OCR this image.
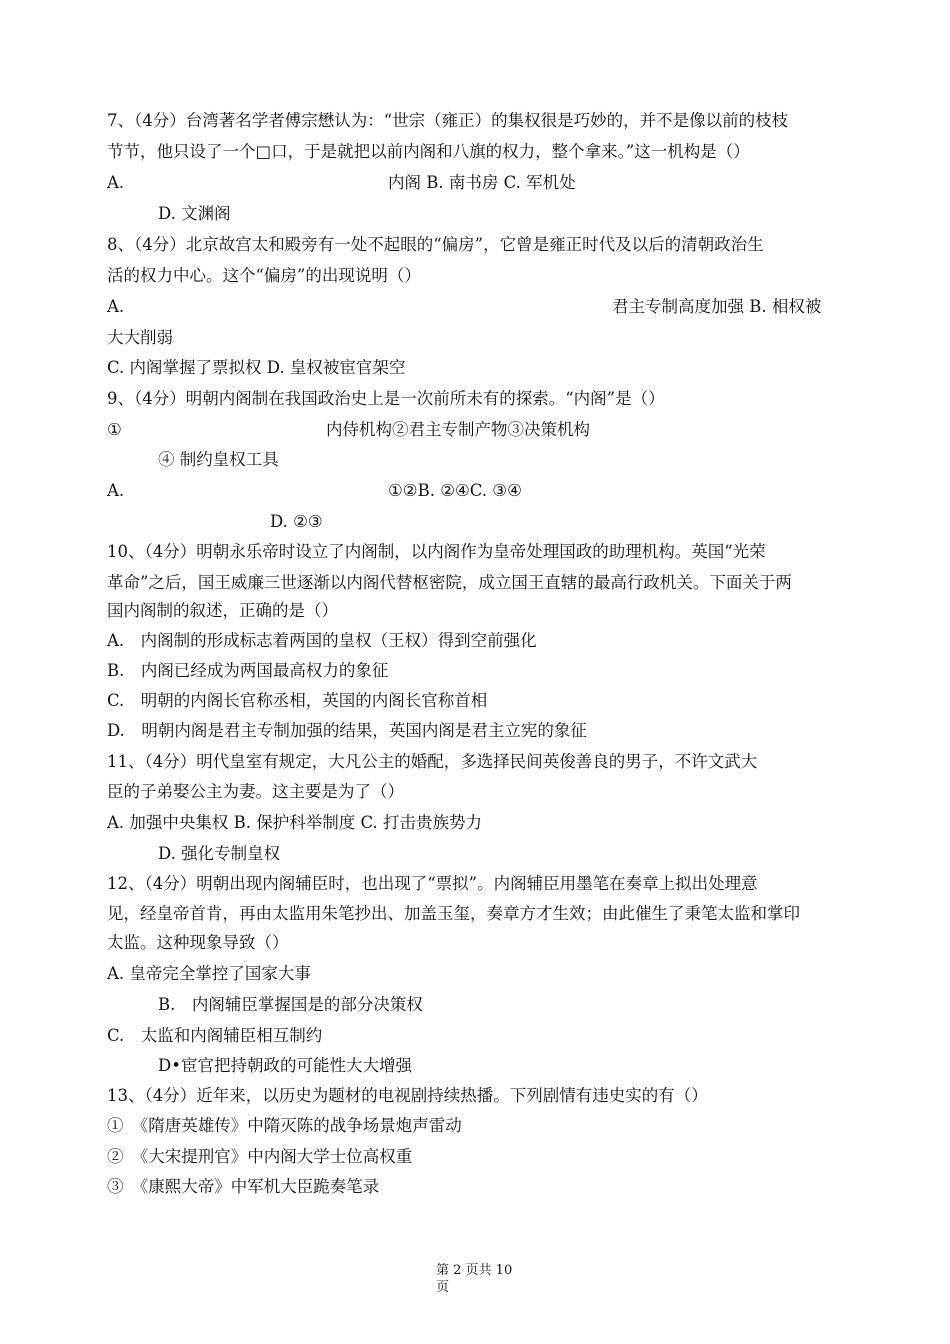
7、（4分）台湾著名学者傅宗懋认为：“世宗（雍正）的集权很是巧妙的，并不是像以前的枝枝
节节，他只设了一个□口，于是就把以前内阁和八旗的权力，整个拿来。”这一机构是（）
A.	内阁 B. 南书房 C. 军机处
D. 文渊阁
8、（4分）北京故宫太和殿旁有一处不起眼的“偏房”，它曾是雍正时代及以后的清朝政治生
活的权力中心。这个“偏房”的出现说明（）
A.	君主专制高度加强 B. 相权被
大大削弱
C. 内阁掌握了票拟权 D. 皇权被宦官架空
9、（4分）明朝内阁制在我国政治史上是一次前所未有的探索。“内阁”是（）
①	内侍机构②君主专制产物③决策机构
④ 制约皇权工具
A.	①②B. ②④C. ③④
D. ②③
10、（4分）明朝永乐帝时设立了内阁制，以内阁作为皇帝处理国政的助理机构。英国“光荣
革命”之后，国王威廉三世逐渐以内阁代替枢密院，成立国王直辖的最高行政机关。下面关于两
国内阁制的叙述，正确的是（）
A.　内阁制的形成标志着两国的皇权（王权）得到空前强化
B.　内阁已经成为两国最高权力的象征
C.　明朝的内阁长官称丞相，英国的内阁长官称首相
D.　明朝内阁是君主专制加强的结果，英国内阁是君主立宪的象征
11、（4分）明代皇室有规定，大凡公主的婚配，多选择民间英俊善良的男子，不许文武大
臣的子弟娶公主为妻。这主要是为了（）
A. 加强中央集权 B. 保护科举制度 C. 打击贵族势力
D. 强化专制皇权
12、（4分）明朝出现内阁辅臣时，也出现了“票拟”。内阁辅臣用墨笔在奏章上拟出处理意
见，经皇帝首肯，再由太监用朱笔抄出、加盖玉玺，奏章方才生效；由此催生了秉笔太监和掌印
太监。这种现象导致（）
A. 皇帝完全掌控了国家大事
B.　内阁辅臣掌握国是的部分决策权
C.　太监和内阁辅臣相互制约
D•宦官把持朝政的可能性大大增强
13、（4分）近年来，以历史为题材的电视剧持续热播。下列剧情有违史实的有（）
①　《隋唐英雄传》中隋灭陈的战争场景炮声雷动
②　《大宋提刑官》中内阁大学士位高权重
③　《康熙大帝》中军机大臣跪奏笔录
第 2 页共 10
页
